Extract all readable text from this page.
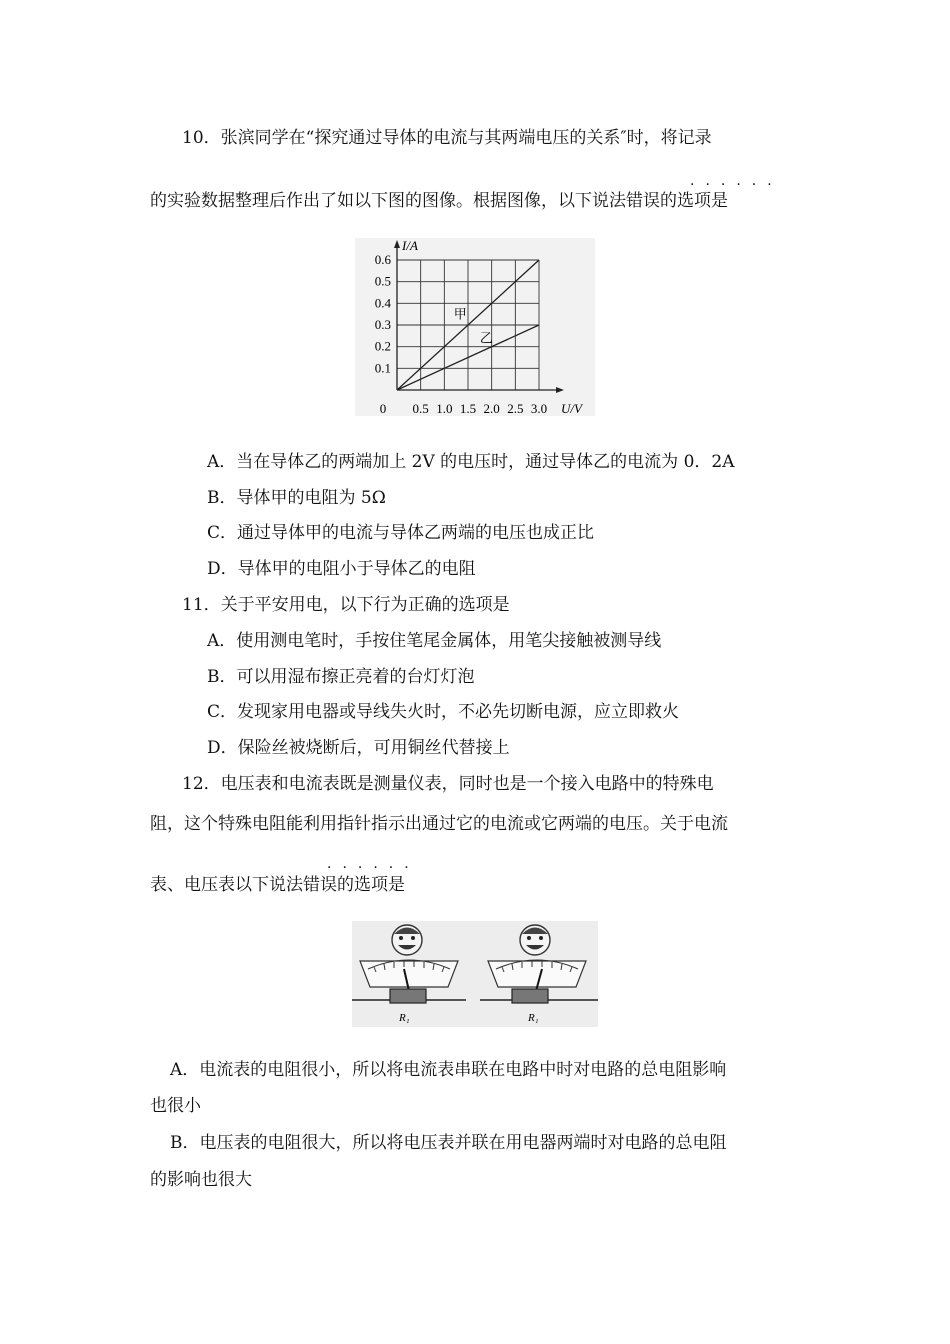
10．张滨同学在“探究通过导体的电流与其两端电压的关系″时，将记录
······
的实验数据整理后作出了如以下图的图像。根据图像，以下说法错误的选项是
甲
乙
0 0.5 1.0 1.5 2.0 2.5 3.0
0.1
0.2
0.3
0.4
0.5
0.6
I/A
U/V
A．当在导体乙的两端加上 2V 的电压时，通过导体乙的电流为 0．2A
B．导体甲的电阻为 5Ω
C．通过导体甲的电流与导体乙两端的电压也成正比
D．导体甲的电阻小于导体乙的电阻
11．关于平安用电，以下行为正确的选项是
A．使用测电笔时，手按住笔尾金属体，用笔尖接触被测导线
B．可以用湿布擦正亮着的台灯灯泡
C．发现家用电器或导线失火时，不必先切断电源，应立即救火
D．保险丝被烧断后，可用铜丝代替接上
12．电压表和电流表既是测量仪表，同时也是一个接入电路中的特殊电
阻，这个特殊电阻能利用指针指示出通过它的电流或它两端的电压。关于电流
······
表、电压表以下说法错误的选项是
R₁	R₁
A．电流表的电阻很小，所以将电流表串联在电路中时对电路的总电阻影响
也很小
B．电压表的电阻很大，所以将电压表并联在用电器两端时对电路的总电阻
的影响也很大
